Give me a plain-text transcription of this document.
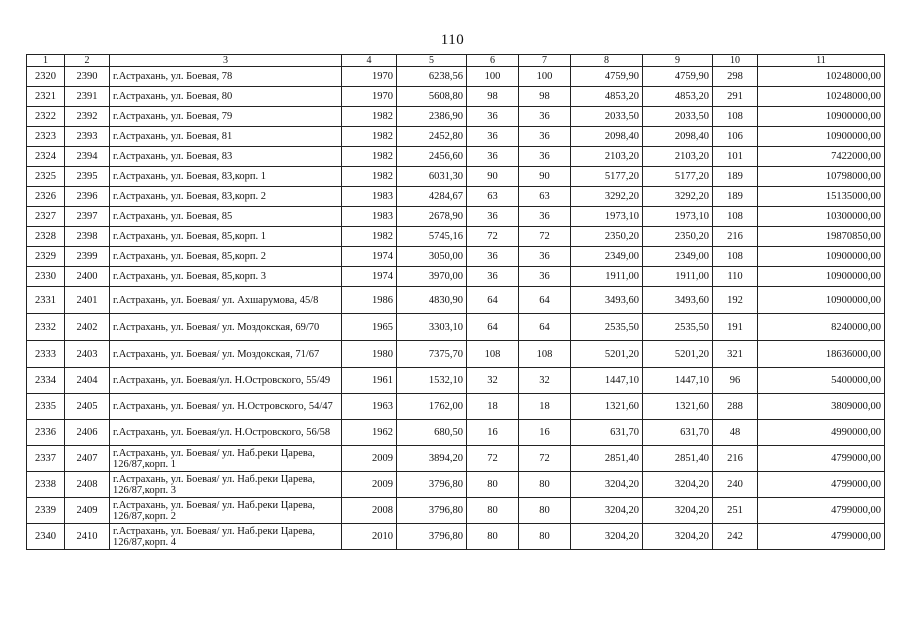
110
1	2	3	4	5	6	7	8	9	10	11
2320	2390	г.Астрахань, ул. Боевая, 78	1970	6238,56	100	100	4759,90	4759,90	298	10248000,00
2321	2391	г.Астрахань, ул. Боевая, 80	1970	5608,80	98	98	4853,20	4853,20	291	10248000,00
2322	2392	г.Астрахань, ул. Боевая, 79	1982	2386,90	36	36	2033,50	2033,50	108	10900000,00
2323	2393	г.Астрахань, ул. Боевая, 81	1982	2452,80	36	36	2098,40	2098,40	106	10900000,00
2324	2394	г.Астрахань, ул. Боевая, 83	1982	2456,60	36	36	2103,20	2103,20	101	7422000,00
2325	2395	г.Астрахань, ул. Боевая, 83,корп. 1	1982	6031,30	90	90	5177,20	5177,20	189	10798000,00
2326	2396	г.Астрахань, ул. Боевая, 83,корп. 2	1983	4284,67	63	63	3292,20	3292,20	189	15135000,00
2327	2397	г.Астрахань, ул. Боевая, 85	1983	2678,90	36	36	1973,10	1973,10	108	10300000,00
2328	2398	г.Астрахань, ул. Боевая, 85,корп. 1	1982	5745,16	72	72	2350,20	2350,20	216	19870850,00
2329	2399	г.Астрахань, ул. Боевая, 85,корп. 2	1974	3050,00	36	36	2349,00	2349,00	108	10900000,00
2330	2400	г.Астрахань, ул. Боевая, 85,корп. 3	1974	3970,00	36	36	1911,00	1911,00	110	10900000,00
2331	2401	г.Астрахань, ул. Боевая/ ул. Ахшарумова, 45/8	1986	4830,90	64	64	3493,60	3493,60	192	10900000,00
2332	2402	г.Астрахань, ул. Боевая/ ул. Моздокская, 69/70	1965	3303,10	64	64	2535,50	2535,50	191	8240000,00
2333	2403	г.Астрахань, ул. Боевая/ ул. Моздокская, 71/67	1980	7375,70	108	108	5201,20	5201,20	321	18636000,00
2334	2404	г.Астрахань, ул. Боевая/ул. Н.Островского, 55/49	1961	1532,10	32	32	1447,10	1447,10	96	5400000,00
2335	2405	г.Астрахань, ул. Боевая/ ул. Н.Островского, 54/47	1963	1762,00	18	18	1321,60	1321,60	288	3809000,00
2336	2406	г.Астрахань, ул. Боевая/ул. Н.Островского, 56/58	1962	680,50	16	16	631,70	631,70	48	4990000,00
2337	2407	г.Астрахань, ул. Боевая/ ул. Наб.реки Царева, 126/87,корп. 1	2009	3894,20	72	72	2851,40	2851,40	216	4799000,00
2338	2408	г.Астрахань, ул. Боевая/ ул. Наб.реки Царева, 126/87,корп. 3	2009	3796,80	80	80	3204,20	3204,20	240	4799000,00
2339	2409	г.Астрахань, ул. Боевая/ ул. Наб.реки Царева, 126/87,корп. 2	2008	3796,80	80	80	3204,20	3204,20	251	4799000,00
2340	2410	г.Астрахань, ул. Боевая/ ул. Наб.реки Царева, 126/87,корп. 4	2010	3796,80	80	80	3204,20	3204,20	242	4799000,00
